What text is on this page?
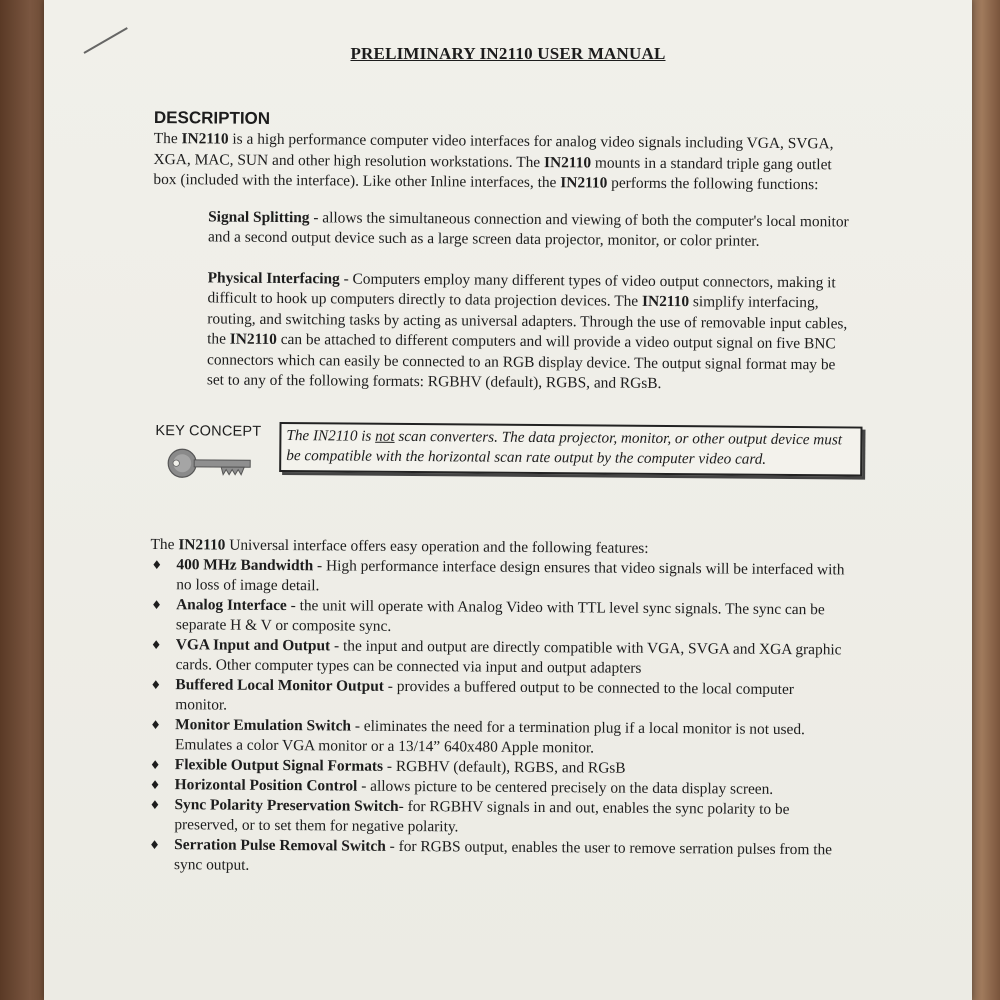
PRELIMINARY IN2110 USER MANUAL
DESCRIPTION

The IN2110 is a high performance computer video interfaces for analog video signals including VGA, SVGA, XGA, MAC, SUN and other high resolution workstations. The IN2110 mounts in a standard triple gang outlet box (included with the interface). Like other Inline interfaces, the IN2110 performs the following functions:

Signal Splitting - allows the simultaneous connection and viewing of both the computer's local monitor and a second output device such as a large screen data projector, monitor, or color printer.

Physical Interfacing - Computers employ many different types of video output connectors, making it difficult to hook up computers directly to data projection devices. The IN2110 simplify interfacing, routing, and switching tasks by acting as universal adapters. Through the use of removable input cables, the IN2110 can be attached to different computers and will provide a video output signal on five BNC connectors which can easily be connected to an RGB display device. The output signal format may be set to any of the following formats: RGBHV (default), RGBS, and RGsB.

KEY CONCEPT	The IN2110 is not scan converters. The data projector, monitor, or other output device must be compatible with the horizontal scan rate output by the computer video card.

The IN2110 Universal interface offers easy operation and the following features:

♦ 400 MHz Bandwidth - High performance interface design ensures that video signals will be interfaced with no loss of image detail.
♦ Analog Interface - the unit will operate with Analog Video with TTL level sync signals. The sync can be separate H & V or composite sync.
♦ VGA Input and Output - the input and output are directly compatible with VGA, SVGA and XGA graphic cards. Other computer types can be connected via input and output adapters
♦ Buffered Local Monitor Output - provides a buffered output to be connected to the local computer monitor.
♦ Monitor Emulation Switch - eliminates the need for a termination plug if a local monitor is not used. Emulates a color VGA monitor or a 13/14” 640x480 Apple monitor.
♦ Flexible Output Signal Formats - RGBHV (default), RGBS, and RGsB
♦ Horizontal Position Control - allows picture to be centered precisely on the data display screen.
♦ Sync Polarity Preservation Switch- for RGBHV signals in and out, enables the sync polarity to be preserved, or to set them for negative polarity.
♦ Serration Pulse Removal Switch - for RGBS output, enables the user to remove serration pulses from the sync output.
